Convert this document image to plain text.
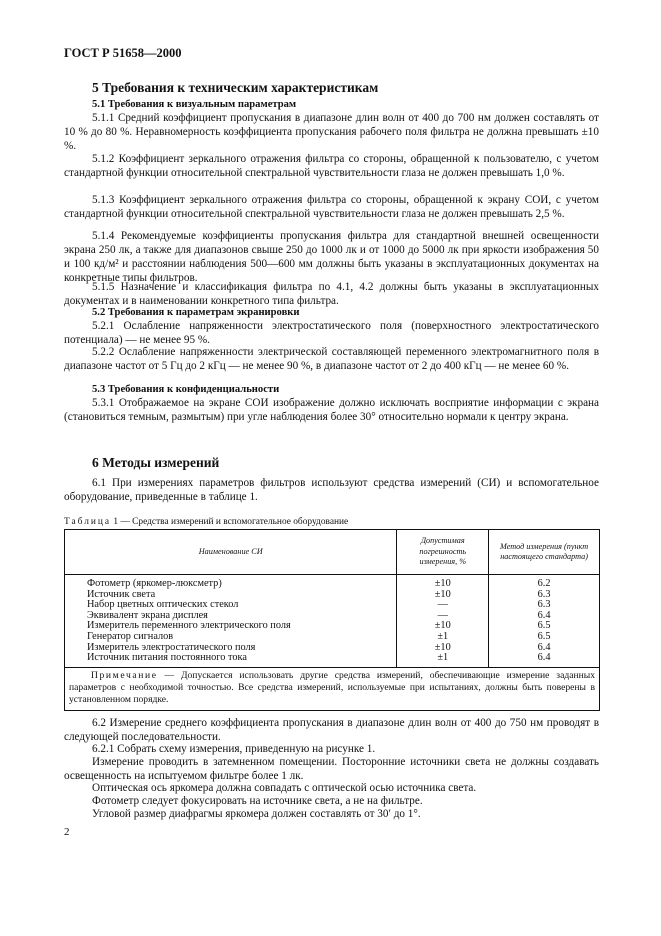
ГОСТ Р 51658—2000
5 Требования к техническим характеристикам
5.1 Требования к визуальным параметрам
5.1.1 Средний коэффициент пропускания в диапазоне длин волн от 400 до 700 нм должен составлять от 10 % до 80 %. Неравномерность коэффициента пропускания рабочего поля фильтра не должна превышать ±10 %.
5.1.2 Коэффициент зеркального отражения фильтра со стороны, обращенной к пользователю, с учетом стандартной функции относительной спектральной чувствительности глаза не должен превышать 1,0 %.
5.1.3 Коэффициент зеркального отражения фильтра со стороны, обращенной к экрану СОИ, с учетом стандартной функции относительной спектральной чувствительности глаза не должен превышать 2,5 %.
5.1.4 Рекомендуемые коэффициенты пропускания фильтра для стандартной внешней освещенности экрана 250 лк, а также для диапазонов свыше 250 до 1000 лк и от 1000 до 5000 лк при яркости изображения 50 и 100 кд/м² и расстоянии наблюдения 500—600 мм должны быть указаны в эксплуатационных документах на конкретные типы фильтров.
5.1.5 Назначение и классификация фильтра по 4.1, 4.2 должны быть указаны в эксплуатационных документах и в наименовании конкретного типа фильтра.
5.2 Требования к параметрам экранировки
5.2.1 Ослабление напряженности электростатического поля (поверхностного электростатического потенциала) — не менее 95 %.
5.2.2 Ослабление напряженности электрической составляющей переменного электромагнитного поля в диапазоне частот от 5 Гц до 2 кГц — не менее 90 %, в диапазоне частот от 2 до 400 кГц — не менее 60 %.
5.3 Требования к конфиденциальности
5.3.1 Отображаемое на экране СОИ изображение должно исключать восприятие информации с экрана (становиться темным, размытым) при угле наблюдения более 30° относительно нормали к центру экрана.
6 Методы измерений
6.1 При измерениях параметров фильтров используют средства измерений (СИ) и вспомогательное оборудование, приведенные в таблице 1.
Таблица 1 — Средства измерений и вспомогательное оборудование
Наименование СИ	Допустимая погрешность измерения, %	Метод измерения (пункт настоящего стандарта)
Фотометр (яркомер-люксметр)	±10	6.2
Источник света	±10	6.3
Набор цветных оптических стекол	—	6.3
Эквивалент экрана дисплея	—	6.4
Измеритель переменного электрического поля	±10	6.5
Генератор сигналов	±1	6.5
Измеритель электростатического поля	±10	6.4
Источник питания постоянного тока	±1	6.4
Примечание — Допускается использовать другие средства измерений, обеспечивающие измерение заданных параметров с необходимой точностью. Все средства измерений, используемые при испытаниях, должны быть поверены в установленном порядке.		
6.2 Измерение среднего коэффициента пропускания в диапазоне длин волн от 400 до 750 нм проводят в следующей последовательности.
6.2.1 Собрать схему измерения, приведенную на рисунке 1.
Измерение проводить в затемненном помещении. Посторонние источники света не должны создавать освещенность на испытуемом фильтре более 1 лк.
Оптическая ось яркомера должна совпадать с оптической осью источника света.
Фотометр следует фокусировать на источнике света, а не на фильтре.
Угловой размер диафрагмы яркомера должен составлять от 30′ до 1°.
2
